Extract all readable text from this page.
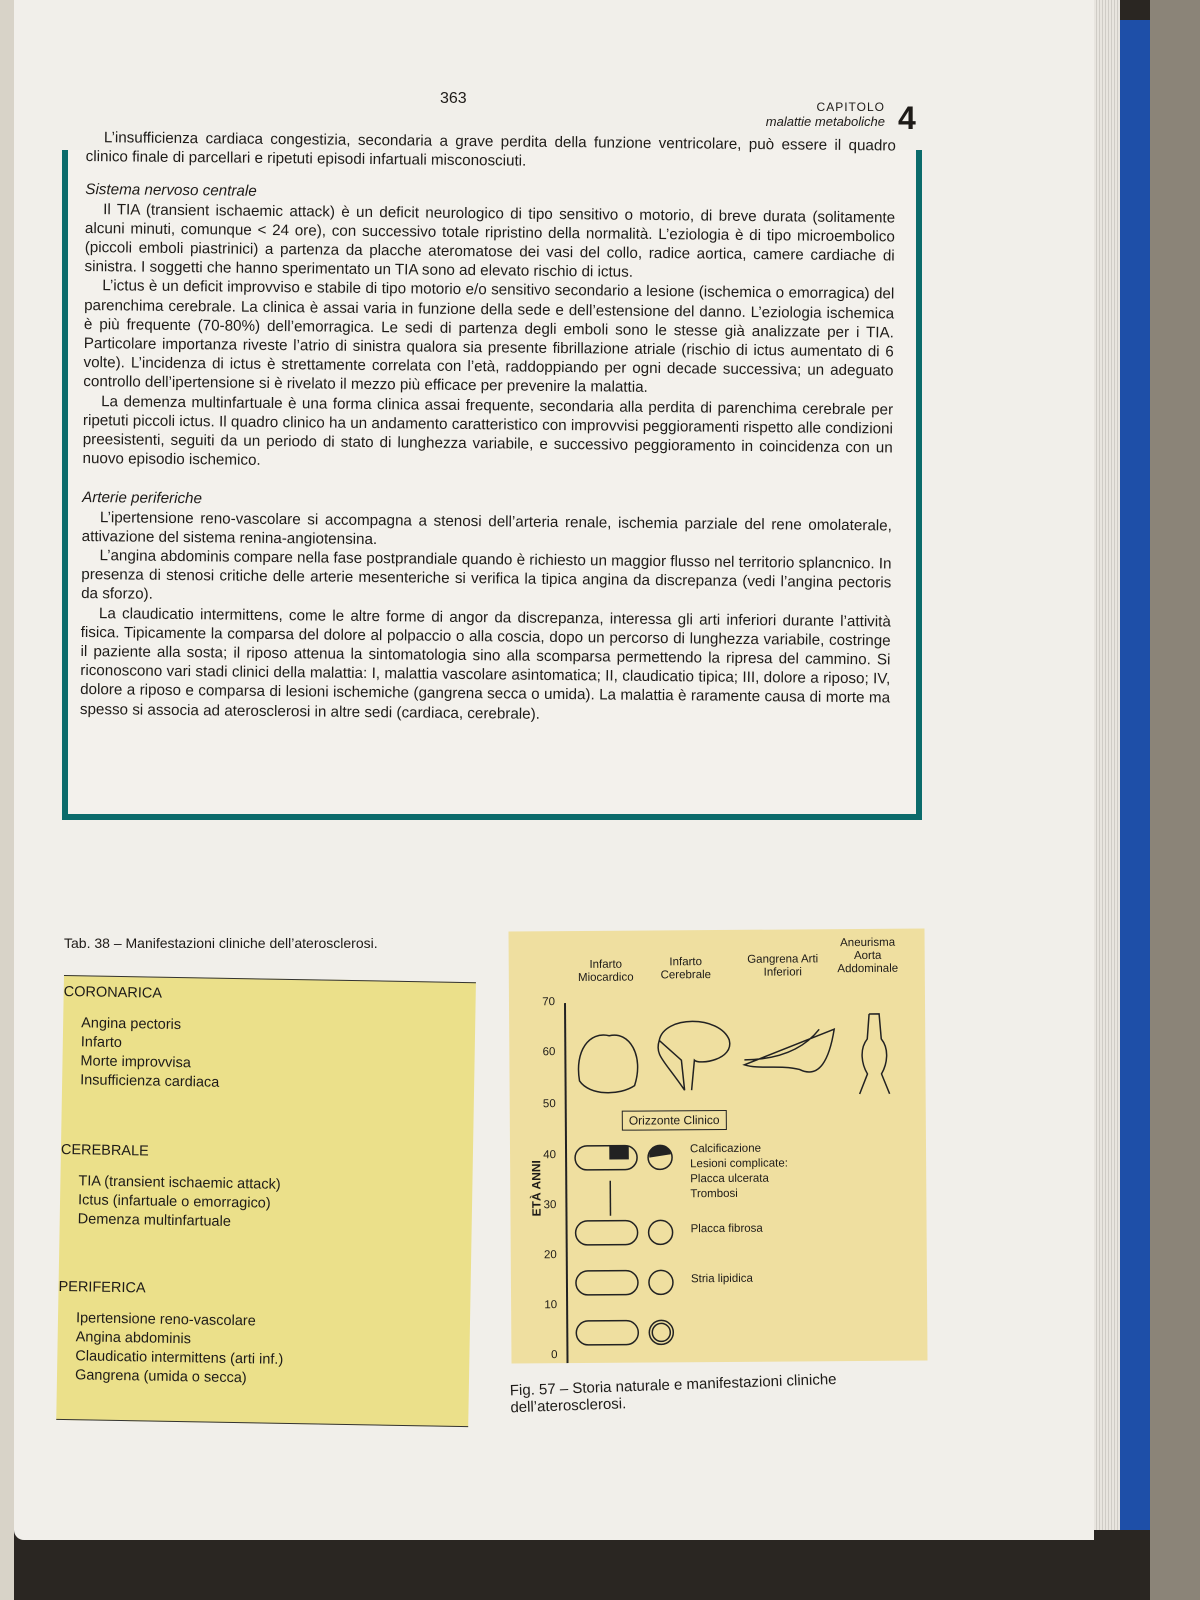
363	CAPITOLO
malattie metaboliche 4

L’insufficienza cardiaca congestizia, secondaria a grave perdita della funzione ventricolare, può essere il quadro clinico finale di parcellari e ripetuti episodi infartuali misconosciuti.

Sistema nervoso centrale

Il TIA (transient ischaemic attack) è un deficit neurologico di tipo sensitivo o motorio, di breve durata (solitamente alcuni minuti, comunque < 24 ore), con successivo totale ripristino della normalità. L’eziologia è di tipo microembolico (piccoli emboli piastrinici) a partenza da placche ateromatose dei vasi del collo, radice aortica, camere cardiache di sinistra. I soggetti che hanno sperimentato un TIA sono ad elevato rischio di ictus.

L’ictus è un deficit improvviso e stabile di tipo motorio e/o sensitivo secondario a lesione (ischemica o emorragica) del parenchima cerebrale. La clinica è assai varia in funzione della sede e dell’estensione del danno. L’eziologia ischemica è più frequente (70-80%) dell’emorragica. Le sedi di partenza degli emboli sono le stesse già analizzate per i TIA. Particolare importanza riveste l’atrio di sinistra qualora sia presente fibrillazione atriale (rischio di ictus aumentato di 6 volte). L’incidenza di ictus è strettamente correlata con l’età, raddoppiando per ogni decade successiva; un adeguato controllo dell’ipertensione si è rivelato il mezzo più efficace per prevenire la malattia.

La demenza multinfartuale è una forma clinica assai frequente, secondaria alla perdita di parenchima cerebrale per ripetuti piccoli ictus. Il quadro clinico ha un andamento caratteristico con improvvisi peggioramenti rispetto alle condizioni preesistenti, seguiti da un periodo di stato di lunghezza variabile, e successivo peggioramento in coincidenza con un nuovo episodio ischemico.

Arterie periferiche

L’ipertensione reno-vascolare si accompagna a stenosi dell’arteria renale, ischemia parziale del rene omolaterale, attivazione del sistema renina-angiotensina.

L’angina abdominis compare nella fase postprandiale quando è richiesto un maggior flusso nel territorio splancnico. In presenza di stenosi critiche delle arterie mesenteriche si verifica la tipica angina da discrepanza (vedi l’angina pectoris da sforzo).

La claudicatio intermittens, come le altre forme di angor da discrepanza, interessa gli arti inferiori durante l’attività fisica. Tipicamente la comparsa del dolore al polpaccio o alla coscia, dopo un percorso di lunghezza variabile, costringe il paziente alla sosta; il riposo attenua la sintomatologia sino alla scomparsa permettendo la ripresa del cammino. Si riconoscono vari stadi clinici della malattia: I, malattia vascolare asintomatica; II, claudicatio tipica; III, dolore a riposo; IV, dolore a riposo e comparsa di lesioni ischemiche (gangrena secca o umida). La malattia è raramente causa di morte ma spesso si associa ad aterosclerosi in altre sedi (cardiaca, cerebrale).

Tab. 38 – Manifestazioni cliniche dell’aterosclerosi.
CORONARICA
Angina pectoris
Infarto
Morte improvvisa
Insufficienza cardiaca
CEREBRALE
TIA (transient ischaemic attack)
Ictus (infartuale o emorragico)
Demenza multinfartuale
PERIFERICA
Ipertensione reno-vascolare
Angina abdominis
Claudicatio intermittens (arti inf.)
Gangrena (umida o secca)
Infarto Miocardico
Infarto Cerebrale
Gangrena Arti Inferiori
Aneurisma Aorta Addominale
ETÀ ANNI
70
60
50
40
30
20
10
0
Orizzonte Clinico
Calcificazione
Lesioni complicate:
Placca ulcerata
Trombosi
Placca fibrosa
Stria lipidica
Fig. 57 – Storia naturale e manifestazioni cliniche dell’aterosclerosi.
